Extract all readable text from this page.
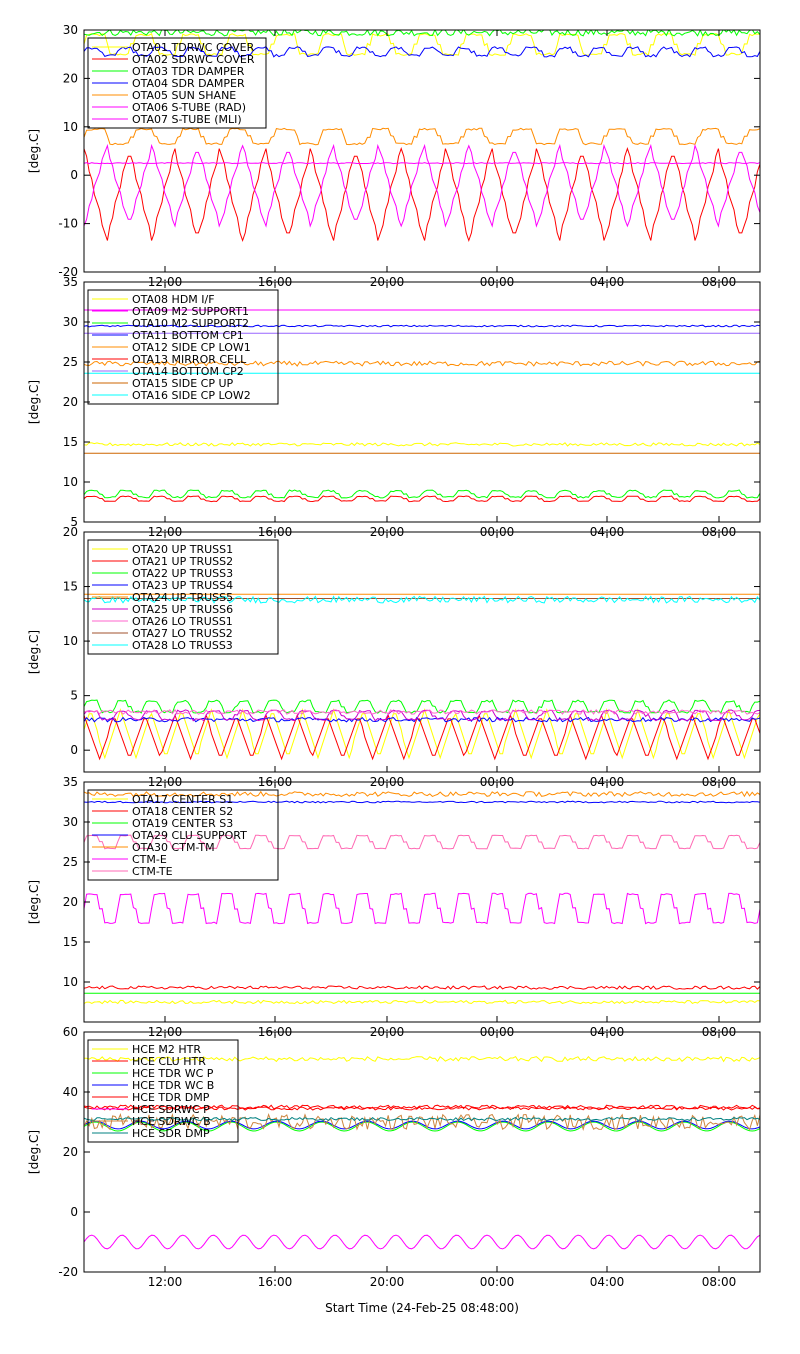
-20
-10
0
10
20
30
12:00	16:00	20:00	00:00	04:00	08:00
[deg.C]
OTA01 TDRWC COVER
OTA02 SDRWC COVER
OTA03 TDR DAMPER
OTA04 SDR DAMPER
OTA05 SUN SHANE
OTA06 S-TUBE (RAD)
OTA07 S-TUBE (MLI)
5
10
15
20
25
30
35
12:00	16:00	20:00	00:00	04:00	08:00
[deg.C]
OTA08 HDM I/F
OTA09 M2 SUPPORT1
OTA10 M2 SUPPORT2
OTA11 BOTTOM CP1
OTA12 SIDE CP LOW1
OTA13 MIRROR CELL
OTA14 BOTTOM CP2
OTA15 SIDE CP UP
OTA16 SIDE CP LOW2
0
5
10
15
20
12:00	16:00	20:00	00:00	04:00	08:00
[deg.C]
OTA20 UP TRUSS1
OTA21 UP TRUSS2
OTA22 UP TRUSS3
OTA23 UP TRUSS4
OTA24 UP TRUSS5
OTA25 UP TRUSS6
OTA26 LO TRUSS1
OTA27 LO TRUSS2
OTA28 LO TRUSS3
10
15
20
25
30
35
12:00	16:00	20:00	00:00	04:00	08:00
[deg.C]
OTA17 CENTER S1
OTA18 CENTER S2
OTA19 CENTER S3
OTA29 CLU SUPPORT
OTA30 CTM-TM
CTM-E
CTM-TE
-20
0
20
40
60
12:00	16:00	20:00	00:00	04:00	08:00
[deg.C]
HCE M2 HTR
HCE CLU HTR
HCE TDR WC P
HCE TDR WC B
HCE TDR DMP
HCE SDRWC P
HCE SDRWC B
HCE SDR DMP
Start Time (24-Feb-25 08:48:00)
